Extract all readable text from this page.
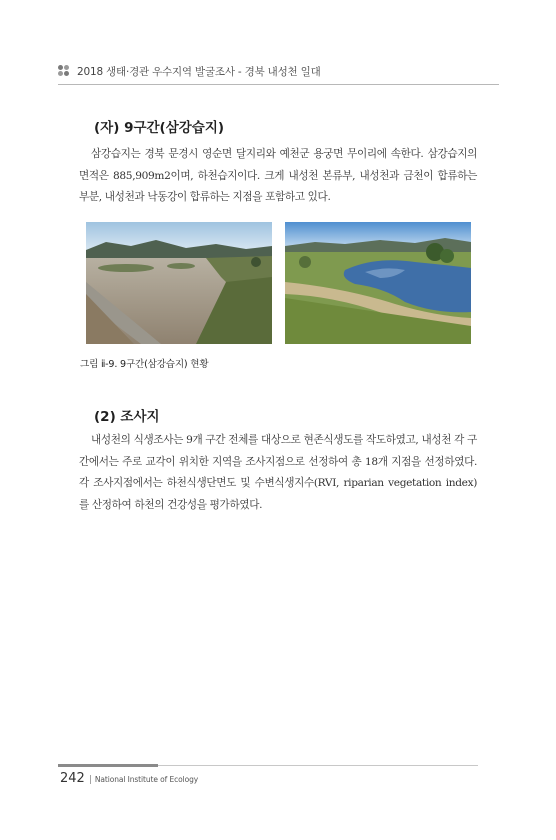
2018 생태·경관 우수지역 발굴조사 - 경북 내성천 일대
(자) 9구간(삼강습지)

삼강습지는 경북 문경시 영순면 달지리와 예천군 용궁면 무이리에 속한다. 삼강습지의 면적은 885,909m2이며, 하천습지이다. 크게 내성천 본류부, 내성천과 금천이 합류하는 부분, 내성천과 낙동강이 합류하는 지점을 포함하고 있다.

그림 ⅱ-9. 9구간(삼강습지) 현황
(2) 조사지

내성천의 식생조사는 9개 구간 전체를 대상으로 현존식생도를 작도하였고, 내성천 각 구간에서는 주로 교각이 위치한 지역을 조사지점으로 선정하여 총 18개 지점을 선정하였다. 각 조사지점에서는 하천식생단면도 및 수변식생지수(RVI, riparian vegetation index)를 산정하여 하천의 건강성을 평가하였다.

242 | National Institute of Ecology
